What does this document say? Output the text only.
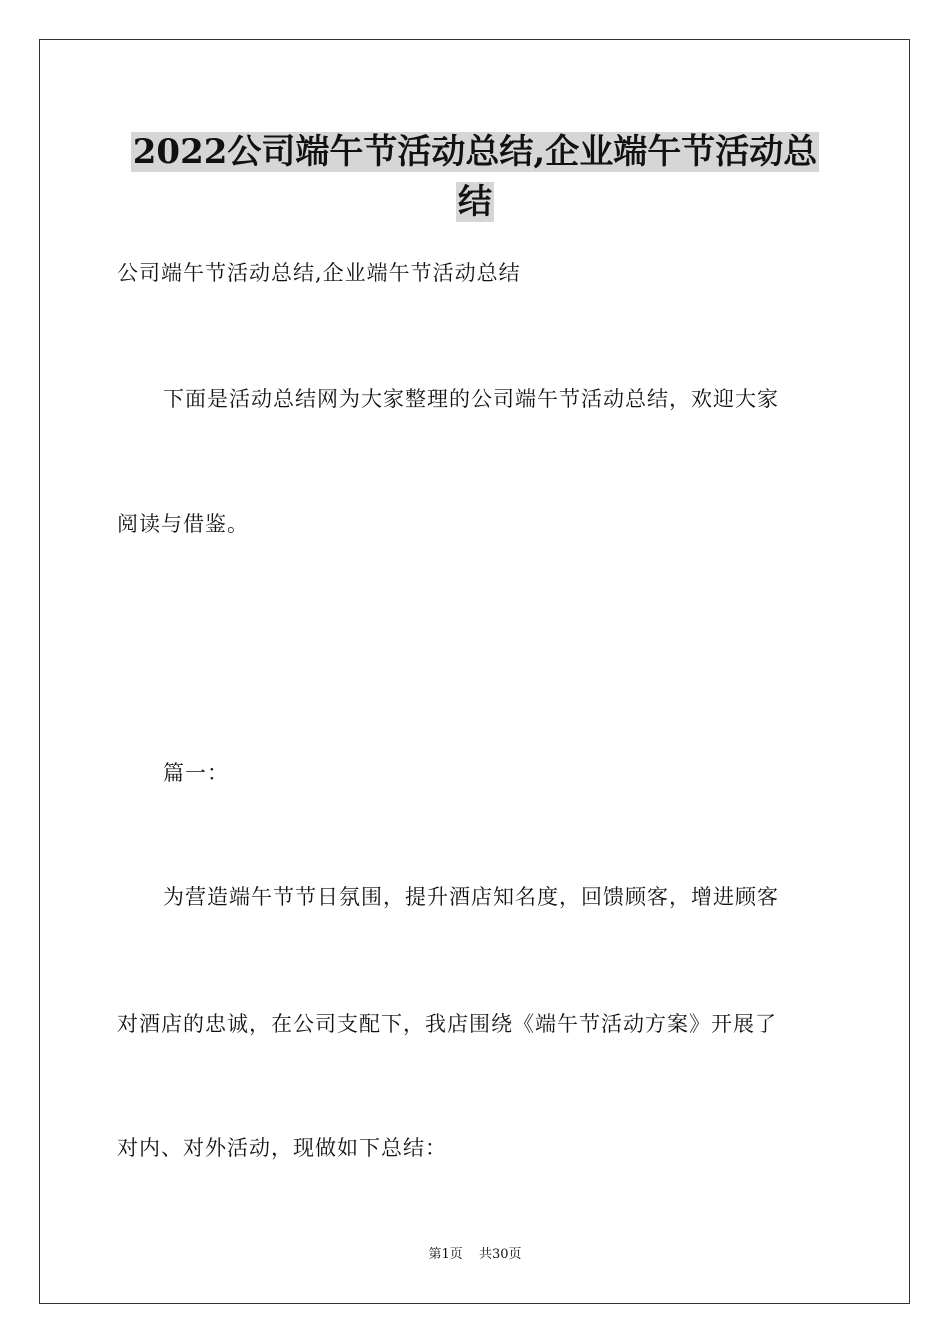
2022公司端午节活动总结,企业端午节活动总
结

公司端午节活动总结,企业端午节活动总结

下面是活动总结网为大家整理的公司端午节活动总结，欢迎大家

阅读与借鉴。

篇一：

为营造端午节节日氛围，提升酒店知名度，回馈顾客，增进顾客

对酒店的忠诚，在公司支配下，我店围绕《端午节活动方案》开展了

对内、对外活动，现做如下总结：

第1页 共30页
